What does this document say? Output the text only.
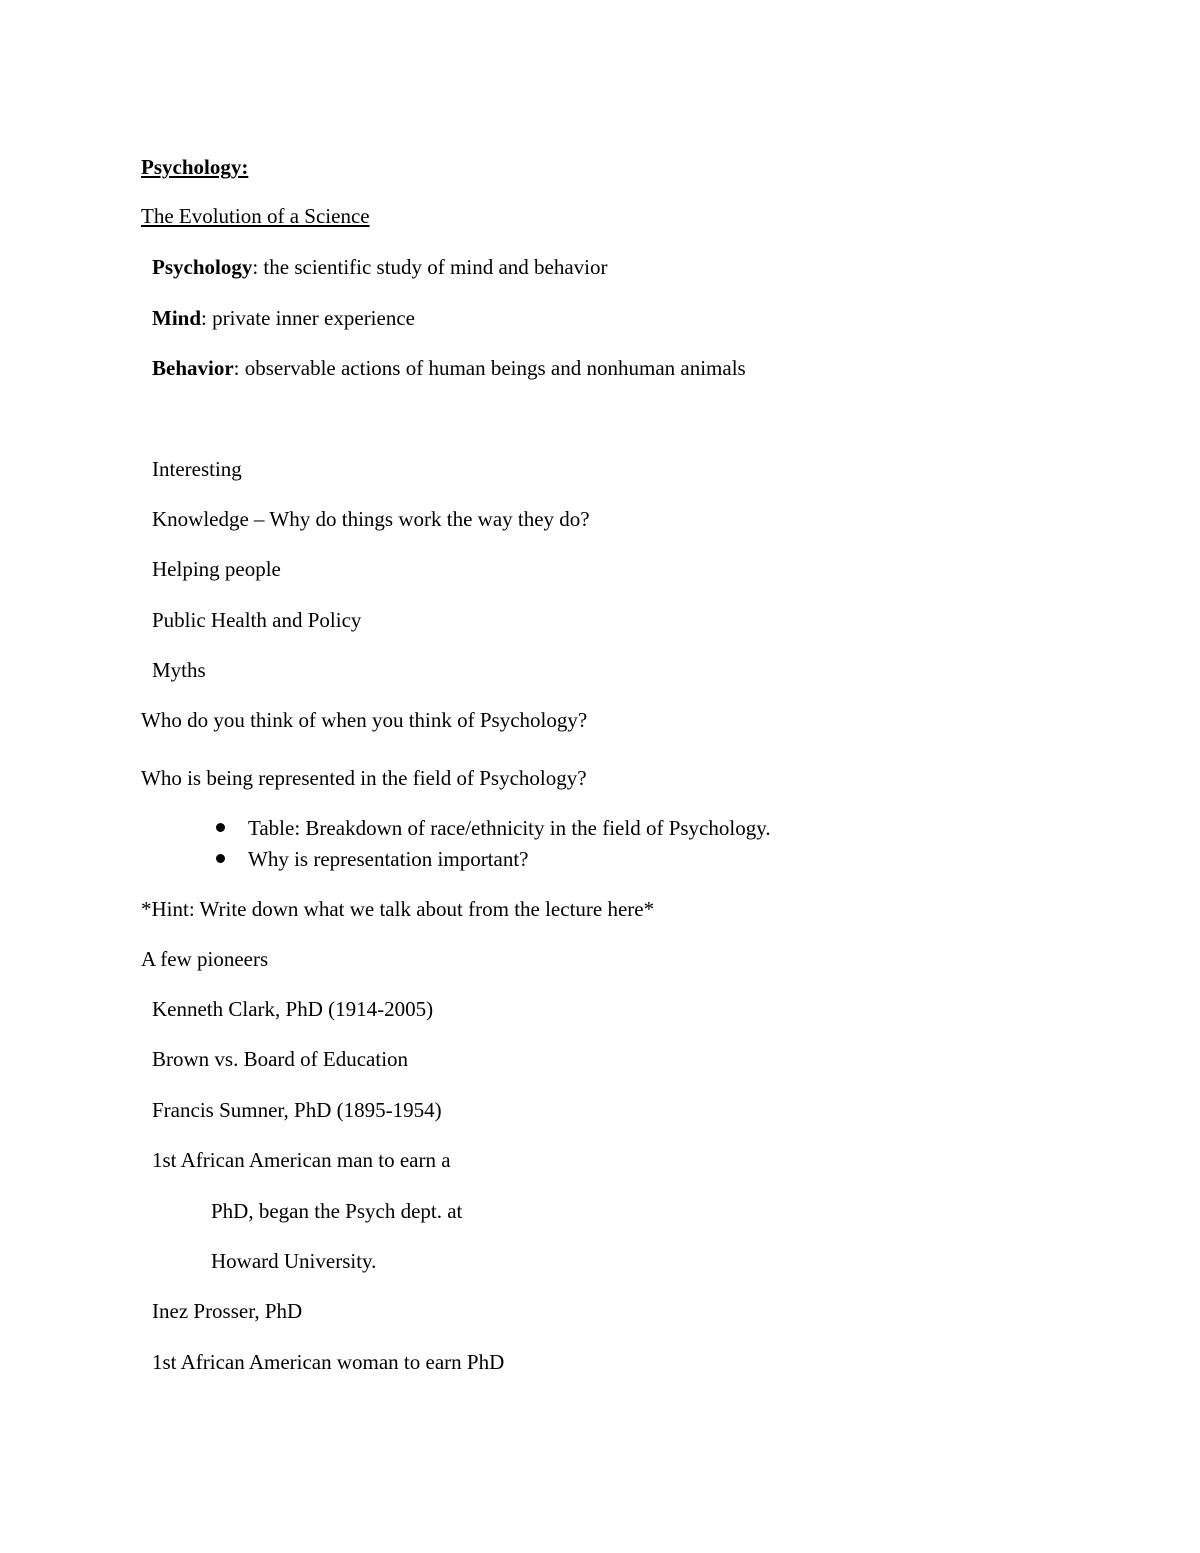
Psychology:

The Evolution of a Science

Psychology: the scientific study of mind and behavior

Mind: private inner experience

Behavior: observable actions of human beings and nonhuman animals

Interesting

Knowledge – Why do things work the way they do?

Helping people

Public Health and Policy

Myths

Who do you think of when you think of Psychology?

Who is being represented in the field of Psychology?

Table: Breakdown of race/ethnicity in the field of Psychology.

Why is representation important?

*Hint: Write down what we talk about from the lecture here*

A few pioneers

Kenneth Clark, PhD (1914-2005)

Brown vs. Board of Education

Francis Sumner, PhD (1895-1954)

1st African American man to earn a

PhD, began the Psych dept. at

Howard University.

Inez Prosser, PhD

1st African American woman to earn PhD
